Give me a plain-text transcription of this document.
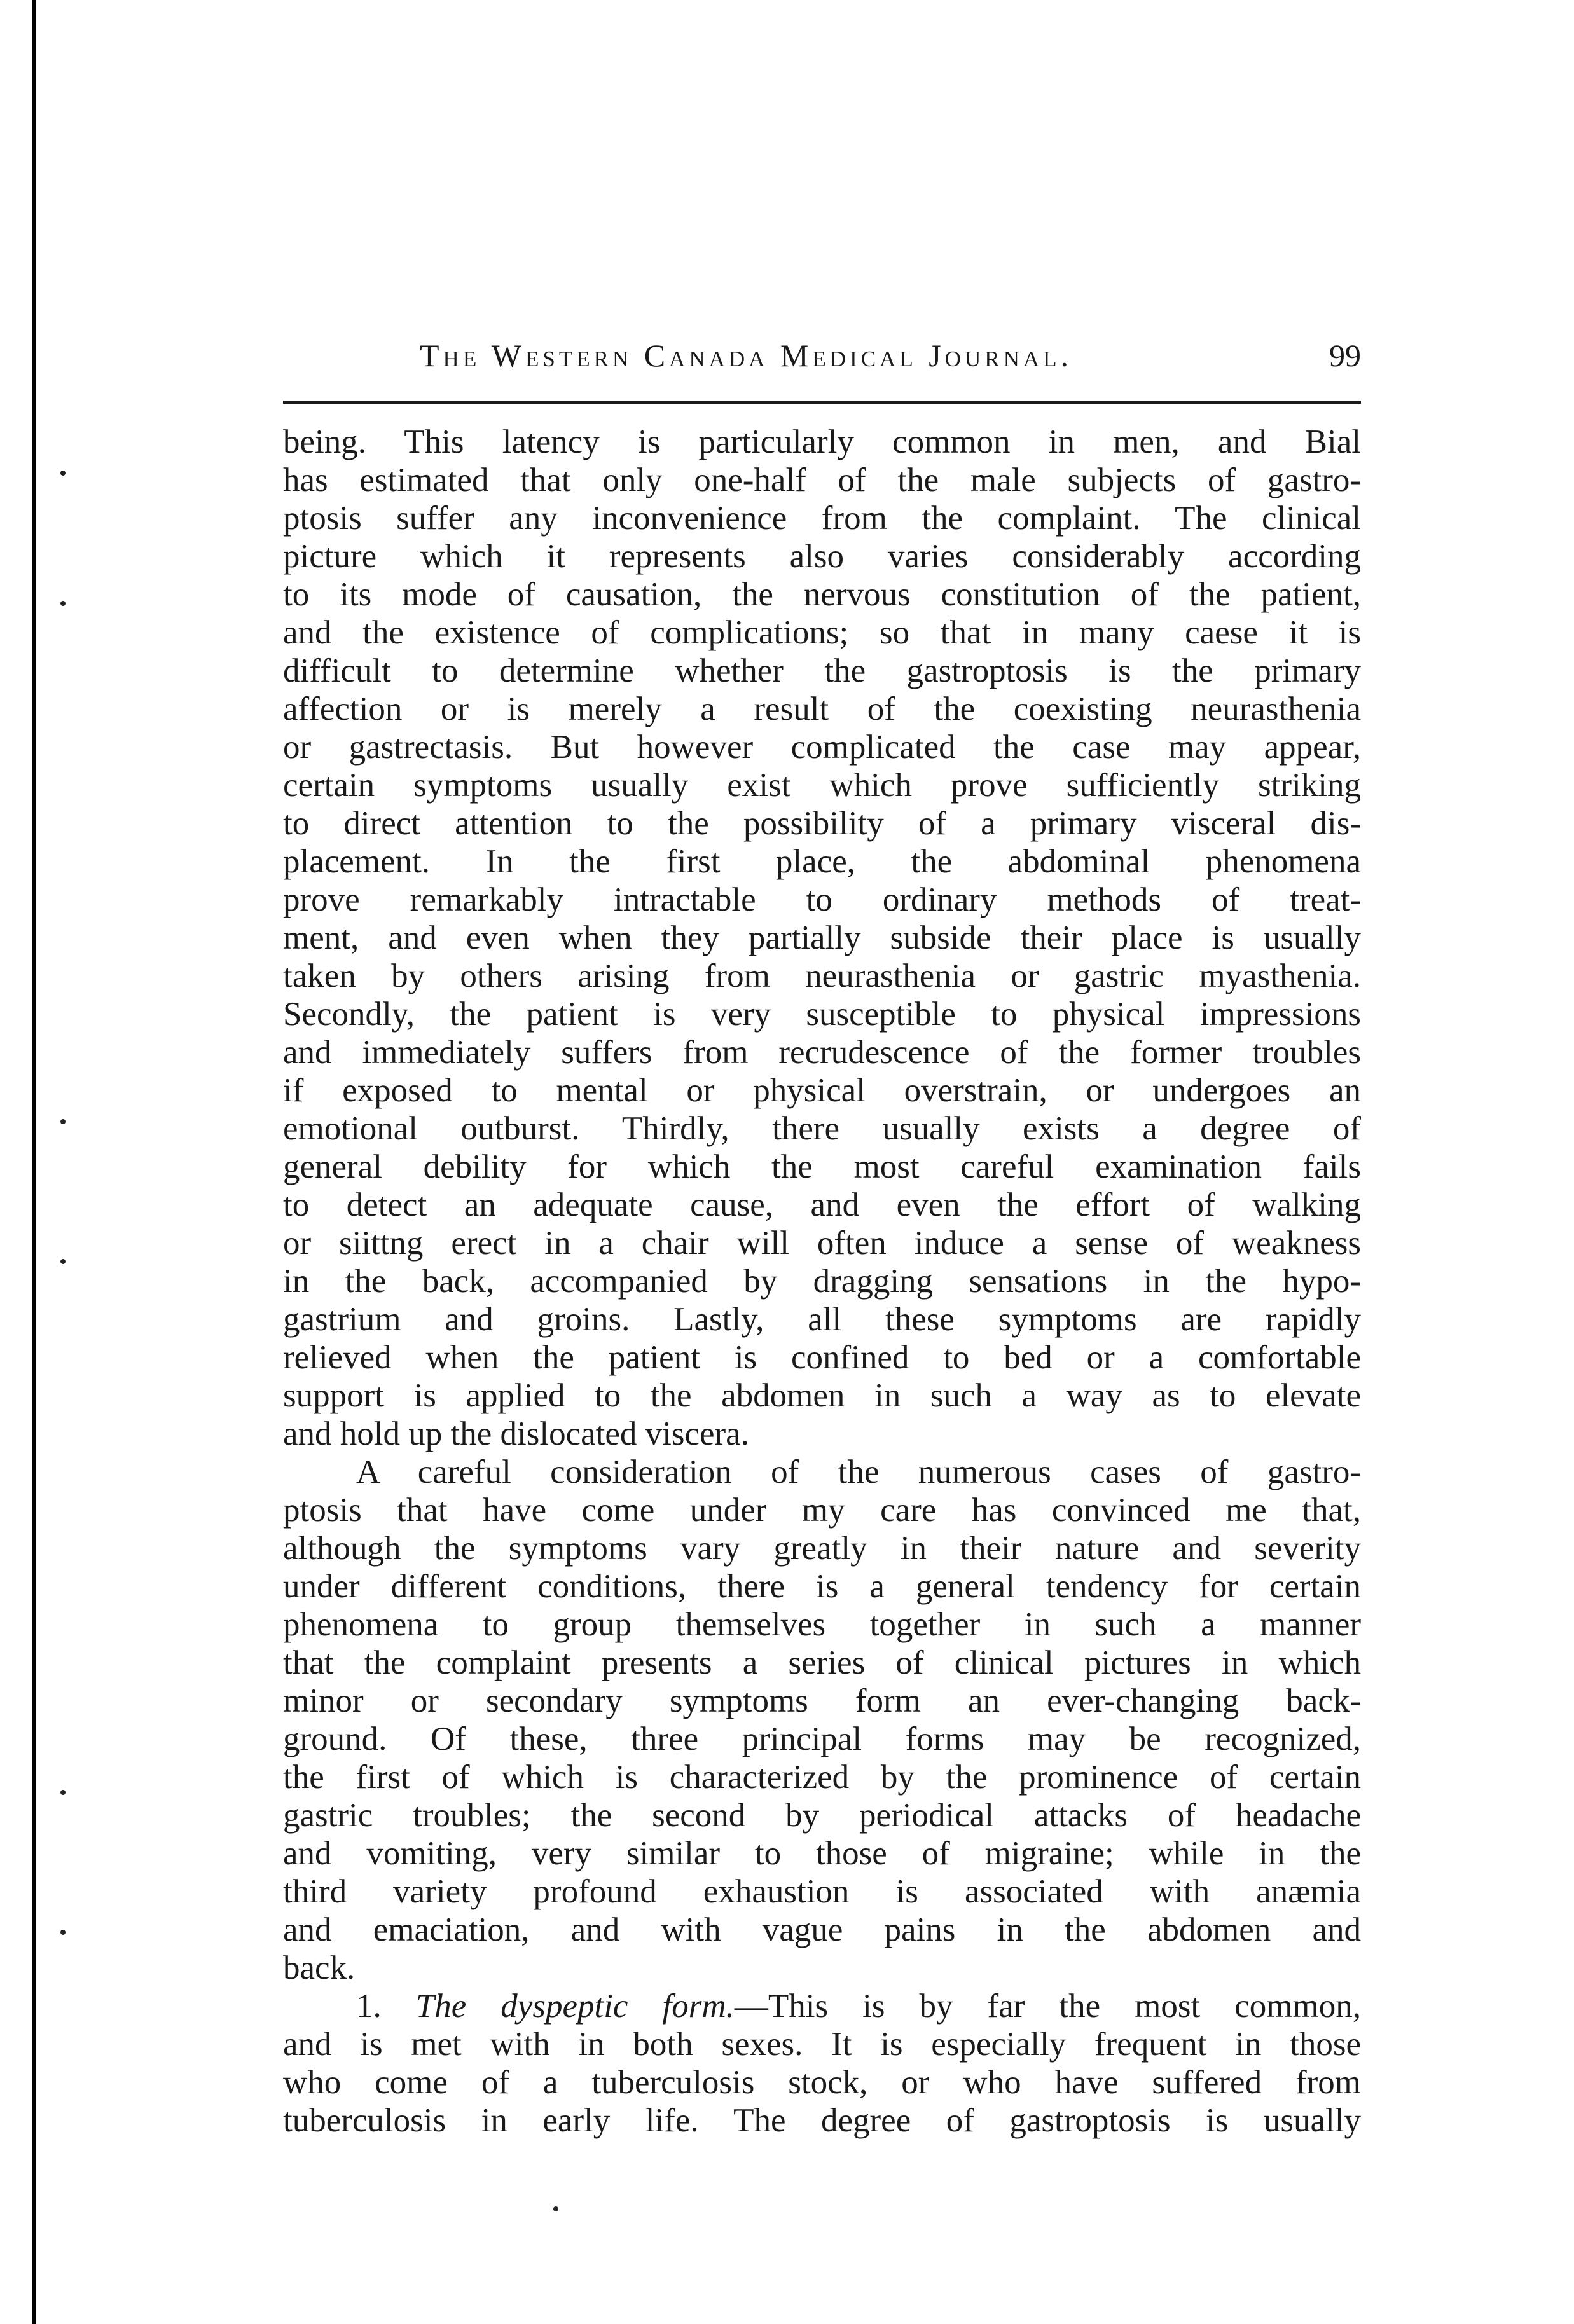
The Western Canada Medical Journal.	99
being. This latency is particularly common in men, and Bial
has estimated that only one-half of the male subjects of gastro-
ptosis suffer any inconvenience from the complaint. The clinical
picture which it represents also varies considerably according
to its mode of causation, the nervous constitution of the patient,
and the existence of complications; so that in many caese it is
difficult to determine whether the gastroptosis is the primary
affection or is merely a result of the coexisting neurasthenia
or gastrectasis. But however complicated the case may appear,
certain symptoms usually exist which prove sufficiently striking
to direct attention to the possibility of a primary visceral dis-
placement. In the first place, the abdominal phenomena
prove remarkably intractable to ordinary methods of treat-
ment, and even when they partially subside their place is usually
taken by others arising from neurasthenia or gastric myasthenia.
Secondly, the patient is very susceptible to physical impressions
and immediately suffers from recrudescence of the former troubles
if exposed to mental or physical overstrain, or undergoes an
emotional outburst. Thirdly, there usually exists a degree of
general debility for which the most careful examination fails
to detect an adequate cause, and even the effort of walking
or siittng erect in a chair will often induce a sense of weakness
in the back, accompanied by dragging sensations in the hypo-
gastrium and groins. Lastly, all these symptoms are rapidly
relieved when the patient is confined to bed or a comfortable
support is applied to the abdomen in such a way as to elevate
and hold up the dislocated viscera.
A careful consideration of the numerous cases of gastro-
ptosis that have come under my care has convinced me that,
although the symptoms vary greatly in their nature and severity
under different conditions, there is a general tendency for certain
phenomena to group themselves together in such a manner
that the complaint presents a series of clinical pictures in which
minor or secondary symptoms form an ever-changing back-
ground. Of these, three principal forms may be recognized,
the first of which is characterized by the prominence of certain
gastric troubles; the second by periodical attacks of headache
and vomiting, very similar to those of migraine; while in the
third variety profound exhaustion is associated with anæmia
and emaciation, and with vague pains in the abdomen and
back.
1. The dyspeptic form.—This is by far the most common,
and is met with in both sexes. It is especially frequent in those
who come of a tuberculosis stock, or who have suffered from
tuberculosis in early life. The degree of gastroptosis is usually
